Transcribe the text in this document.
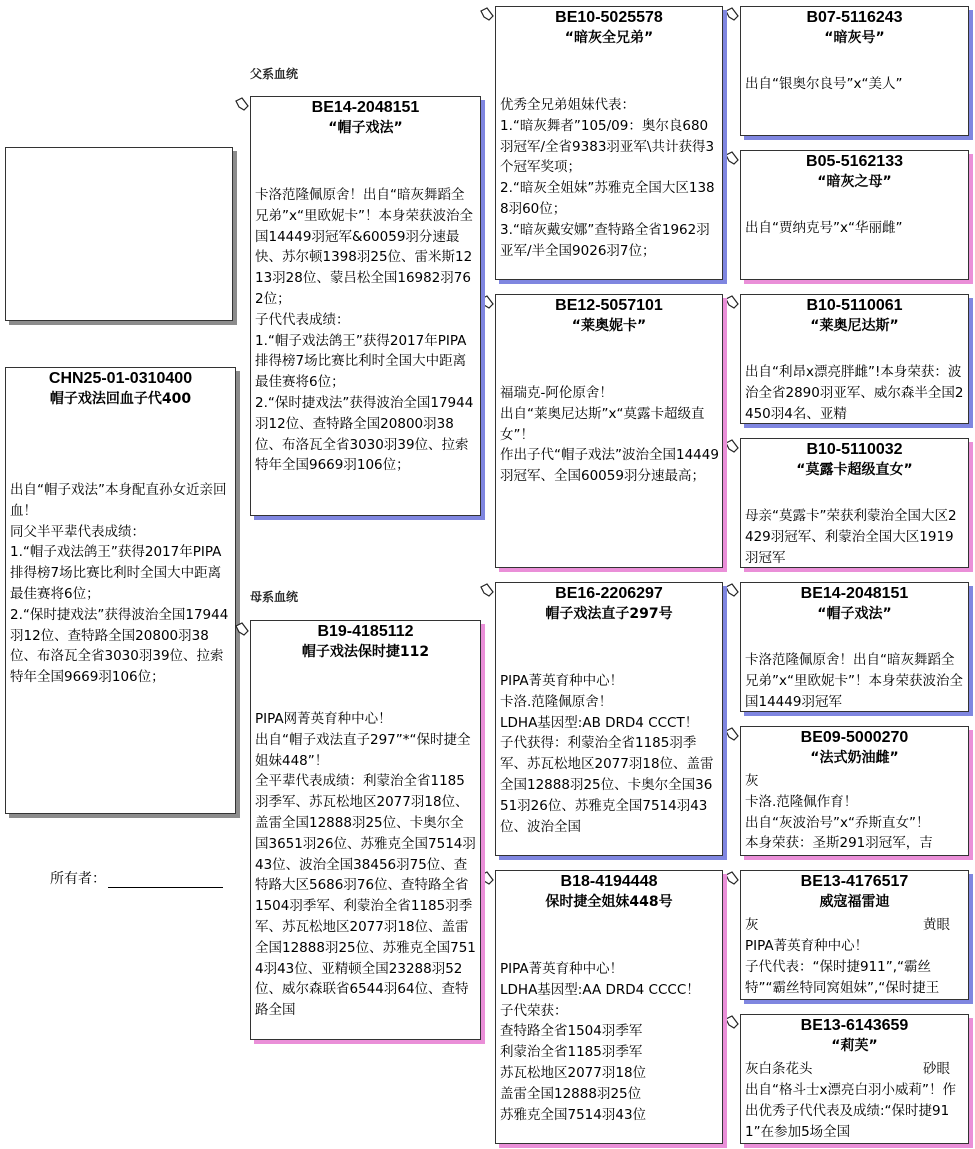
CHN25-01-0310400
帽子戏法回血子代400
出自“帽子戏法”本身配直孙女近亲回血！
同父半平辈代表成绩：
1.“帽子戏法鸽王”获得2017年PIPA排得榜7场比赛比利时全国大中距离最佳赛将6位；
2.“保时捷戏法”获得波治全国17944羽12位、查特路全国20800羽38位、布洛瓦全省3030羽39位、拉索特年全国9669羽106位；
所有者：
父系血统
母系血统
BE14-2048151
“帽子戏法”
卡洛范隆佩原舍！出自“暗灰舞蹈全兄弟”x“里欧妮卡”！本身荣获波治全国14449羽冠军&60059羽分速最快、苏尔顿1398羽25位、雷米斯1213羽28位、蒙吕松全国16982羽762位；
子代代表成绩：
1.“帽子戏法鸽王”获得2017年PIPA排得榜7场比赛比利时全国大中距离最佳赛将6位；
2.“保时捷戏法”获得波治全国17944羽12位、查特路全国20800羽38位、布洛瓦全省3030羽39位、拉索特年全国9669羽106位；
B19-4185112
帽子戏法保时捷112
PIPA网菁英育种中心！
出自“帽子戏法直子297”*“保时捷全姐妹448”！
全平辈代表成绩：利蒙治全省1185羽季军、苏瓦松地区2077羽18位、盖雷全国12888羽25位、卡奥尔全国3651羽26位、苏雅克全国7514羽43位、波治全国38456羽75位、查特路大区5686羽76位、查特路全省1504羽季军、利蒙治全省1185羽季军、苏瓦松地区2077羽18位、盖雷全国12888羽25位、苏雅克全国7514羽43位、亚精顿全国23288羽52位、威尔森联省6544羽64位、查特路全国
BE10-5025578
“暗灰全兄弟”
优秀全兄弟姐妹代表：
1.“暗灰舞者”105/09：奥尔良680羽冠军/全省9383羽亚军\共计获得3个冠军奖项；
2.“暗灰全姐妹”苏雅克全国大区1388羽60位；
3.“暗灰戴安娜”查特路全省1962羽亚军/半全国9026羽7位；
BE12-5057101
“莱奥妮卡”
福瑞克-阿伦原舍！
出自“莱奥尼达斯”x“莫露卡超级直女”！
作出子代“帽子戏法”波治全国14449羽冠军、全国60059羽分速最高；
BE16-2206297
帽子戏法直子297号
PIPA菁英育种中心！
卡洛.范隆佩原舍！
LDHA基因型:AB DRD4 CCCT！
子代获得：利蒙治全省1185羽季军、苏瓦松地区2077羽18位、盖雷全国12888羽25位、卡奥尔全国3651羽26位、苏雅克全国7514羽43位、波治全国
B18-4194448
保时捷全姐妹448号
PIPA菁英育种中心！
LDHA基因型:AA DRD4 CCCC！
子代荣获：
查特路全省1504羽季军
利蒙治全省1185羽季军
苏瓦松地区2077羽18位
盖雷全国12888羽25位
苏雅克全国7514羽43位
B07-5116243
“暗灰号”
出自“银奥尔良号”x“美人”
B05-5162133
“暗灰之母”
出自“贾纳克号”x“华丽雌”
B10-5110061
“莱奥尼达斯”
出自“利昂x漂亮胖雌”!本身荣获：波治全省2890羽亚军、威尔森半全国2450羽4名、亚精
B10-5110032
“莫露卡超级直女”
母亲“莫露卡”荣获利蒙治全国大区2429羽冠军、利蒙治全国大区1919羽冠军
BE14-2048151
“帽子戏法”
卡洛范隆佩原舍！出自“暗灰舞蹈全兄弟”x“里欧妮卡”！本身荣获波治全国14449羽冠军
BE09-5000270
“法式奶油雌”
灰
卡洛.范隆佩作育！
出自“灰波治号”x“乔斯直女”！
本身荣获：圣斯291羽冠军，吉
BE13-4176517
威寇福雷迪
灰	黄眼
PIPA菁英育种中心！
子代代表：“保时捷911”,“霸丝特”“霸丝特同窝姐妹”,“保时捷王
BE13-6143659
“莉芙”
灰白条花头	砂眼
出自“格斗士x漂亮白羽小威莉”！作出优秀子代代表及成绩:“保时捷911”在参加5场全国
